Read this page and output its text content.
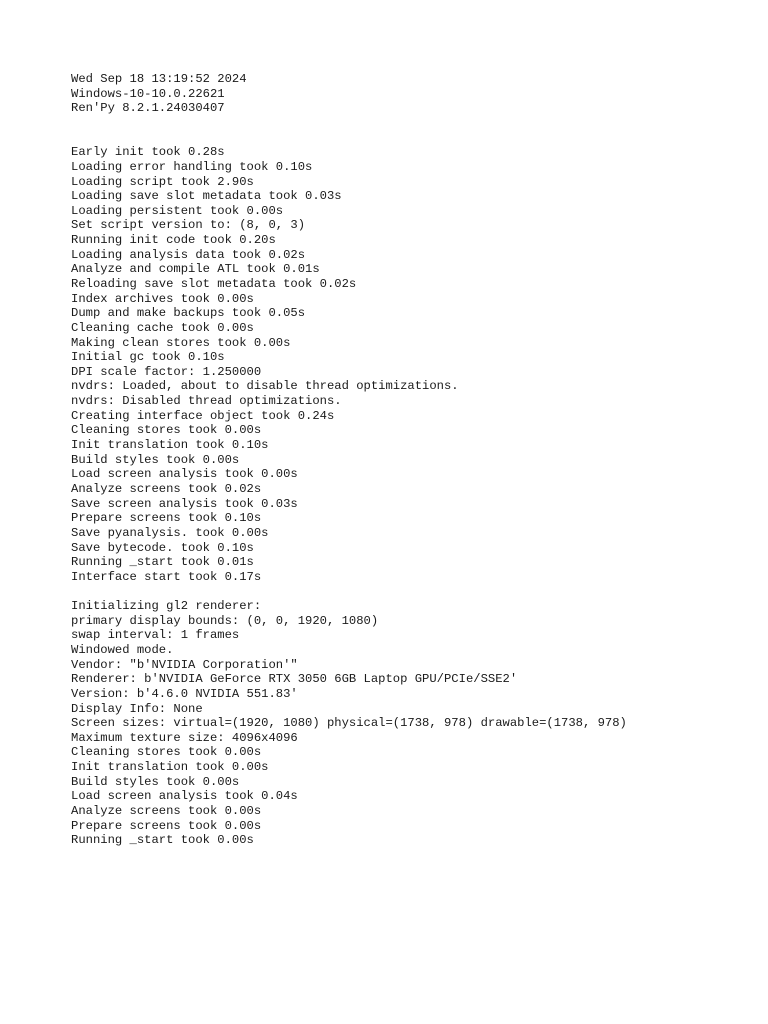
Wed Sep 18 13:19:52 2024
Windows-10-10.0.22621
Ren'Py 8.2.1.24030407
Early init took 0.28s
Loading error handling took 0.10s
Loading script took 2.90s
Loading save slot metadata took 0.03s
Loading persistent took 0.00s
Set script version to: (8, 0, 3)
Running init code took 0.20s
Loading analysis data took 0.02s
Analyze and compile ATL took 0.01s
Reloading save slot metadata took 0.02s
Index archives took 0.00s
Dump and make backups took 0.05s
Cleaning cache took 0.00s
Making clean stores took 0.00s
Initial gc took 0.10s
DPI scale factor: 1.250000
nvdrs: Loaded, about to disable thread optimizations.
nvdrs: Disabled thread optimizations.
Creating interface object took 0.24s
Cleaning stores took 0.00s
Init translation took 0.10s
Build styles took 0.00s
Load screen analysis took 0.00s
Analyze screens took 0.02s
Save screen analysis took 0.03s
Prepare screens took 0.10s
Save pyanalysis. took 0.00s
Save bytecode. took 0.10s
Running _start took 0.01s
Interface start took 0.17s
Initializing gl2 renderer:
primary display bounds: (0, 0, 1920, 1080)
swap interval: 1 frames
Windowed mode.
Vendor: "b'NVIDIA Corporation'"
Renderer: b'NVIDIA GeForce RTX 3050 6GB Laptop GPU/PCIe/SSE2'
Version: b'4.6.0 NVIDIA 551.83'
Display Info: None
Screen sizes: virtual=(1920, 1080) physical=(1738, 978) drawable=(1738, 978)
Maximum texture size: 4096x4096
Cleaning stores took 0.00s
Init translation took 0.00s
Build styles took 0.00s
Load screen analysis took 0.04s
Analyze screens took 0.00s
Prepare screens took 0.00s
Running _start took 0.00s
